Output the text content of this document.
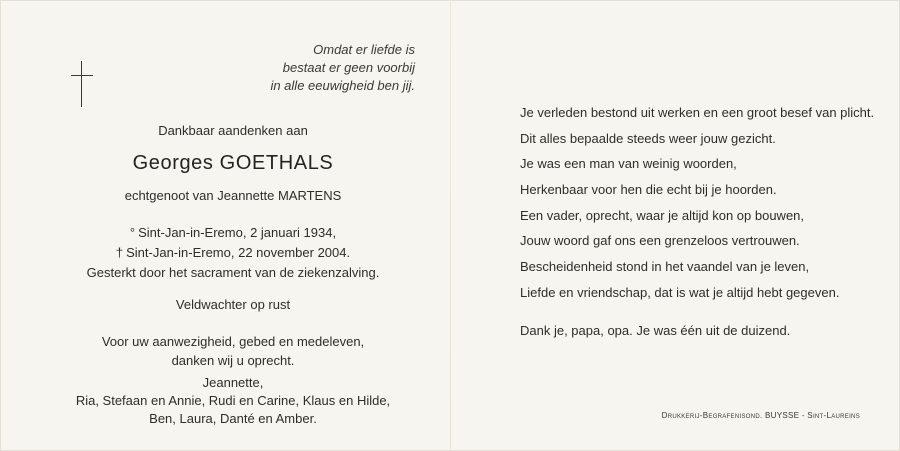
Omdat er liefde is
bestaat er geen voorbij
in alle eeuwigheid ben jij.
Dankbaar aandenken aan
Georges GOETHALS
echtgenoot van Jeannette MARTENS
° Sint-Jan-in-Eremo, 2 januari 1934,
† Sint-Jan-in-Eremo, 22 november 2004.
Gesterkt door het sacrament van de ziekenzalving.
Veldwachter op rust
Voor uw aanwezigheid, gebed en medeleven,
danken wij u oprecht.
Jeannette,
Ria, Stefaan en Annie, Rudi en Carine, Klaus en Hilde,
Ben, Laura, Danté en Amber.
Je verleden bestond uit werken en een groot besef van plicht.
Dit alles bepaalde steeds weer jouw gezicht.
Je was een man van weinig woorden,
Herkenbaar voor hen die echt bij je hoorden.
Een vader, oprecht, waar je altijd kon op bouwen,
Jouw woord gaf ons een grenzeloos vertrouwen.
Bescheidenheid stond in het vaandel van je leven,
Liefde en vriendschap, dat is wat je altijd hebt gegeven.
Dank je, papa, opa. Je was één uit de duizend.
Drukkerij-Begrafenisond. BUYSSE - Sint-Laureins
